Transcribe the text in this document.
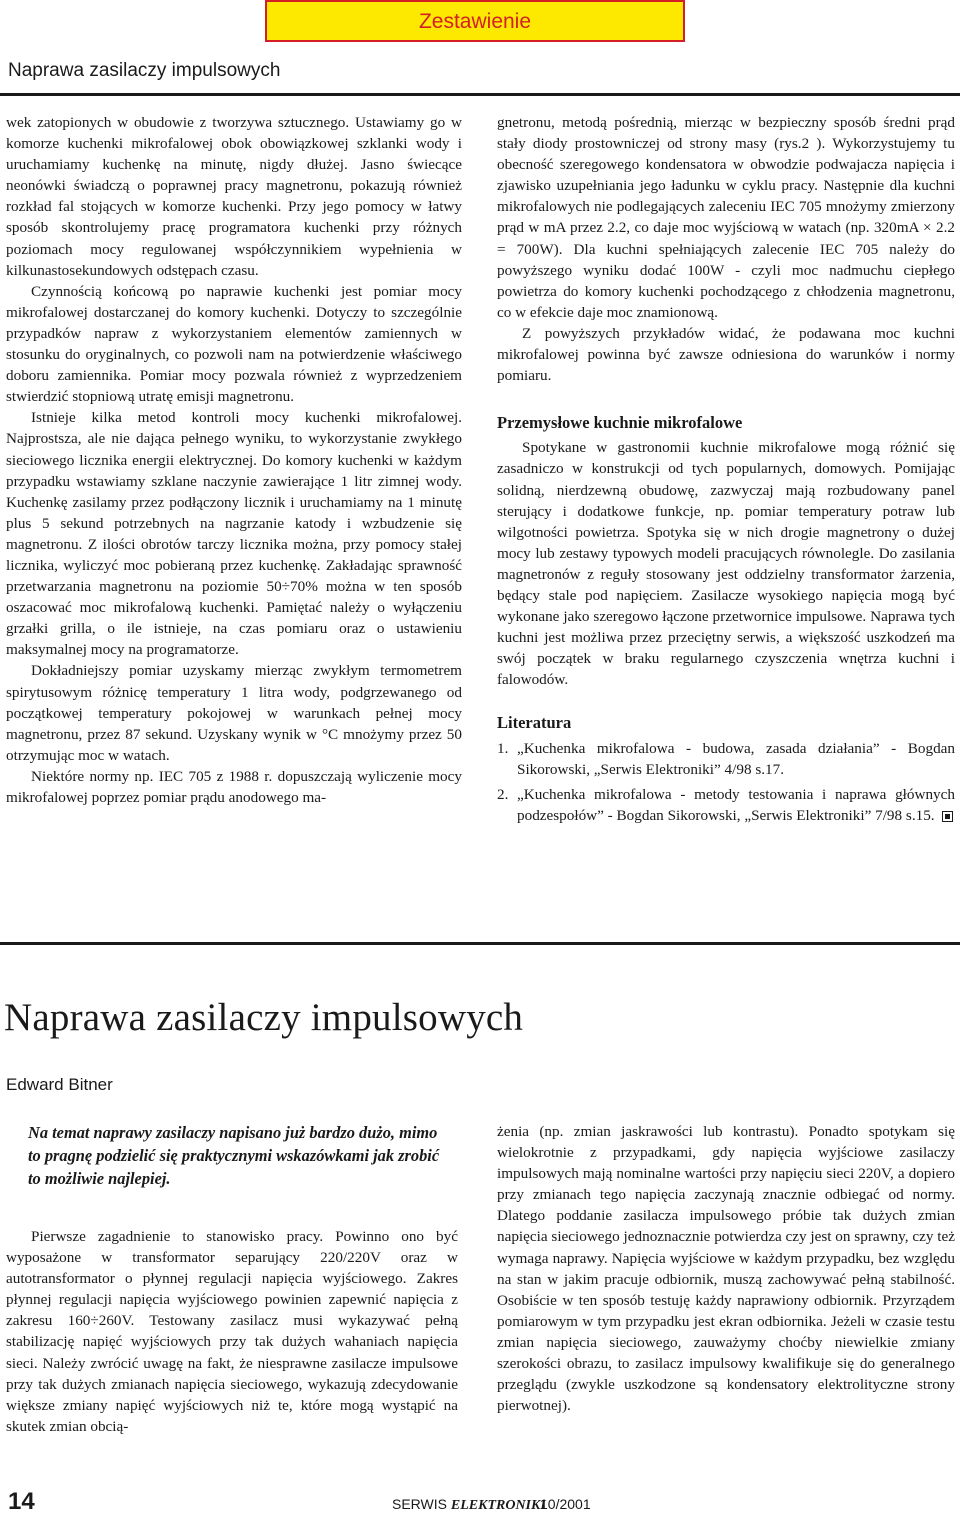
Zestawienie
Naprawa zasilaczy impulsowych

wek zatopionych w obudowie z tworzywa sztucznego. Ustawiamy go w komorze kuchenki mikrofalowej obok obowiązkowej szklanki wody i uruchamiamy kuchenkę na minutę, nigdy dłużej. Jasno świecące neonówki świadczą o poprawnej pracy magnetronu, pokazują również rozkład fal stojących w komorze kuchenki. Przy jego pomocy w łatwy sposób skontrolujemy pracę programatora kuchenki przy różnych poziomach mocy regulowanej współczynnikiem wypełnienia w kilkunastosekundowych odstępach czasu.

Czynnością końcową po naprawie kuchenki jest pomiar mocy mikrofalowej dostarczanej do komory kuchenki. Dotyczy to szczególnie przypadków napraw z wykorzystaniem elementów zamiennych w stosunku do oryginalnych, co pozwoli nam na potwierdzenie właściwego doboru zamiennika. Pomiar mocy pozwala również z wyprzedzeniem stwierdzić stopniową utratę emisji magnetronu.

Istnieje kilka metod kontroli mocy kuchenki mikrofalowej. Najprostsza, ale nie dająca pełnego wyniku, to wykorzystanie zwykłego sieciowego licznika energii elektrycznej. Do komory kuchenki w każdym przypadku wstawiamy szklane naczynie zawierające 1 litr zimnej wody. Kuchenkę zasilamy przez podłączony licznik i uruchamiamy na 1 minutę plus 5 sekund potrzebnych na nagrzanie katody i wzbudzenie się magnetronu. Z ilości obrotów tarczy licznika można, przy pomocy stałej licznika, wyliczyć moc pobieraną przez kuchenkę. Zakładając sprawność przetwarzania magnetronu na poziomie 50÷70% można w ten sposób oszacować moc mikrofalową kuchenki. Pamiętać należy o wyłączeniu grzałki grilla, o ile istnieje, na czas pomiaru oraz o ustawieniu maksymalnej mocy na programatorze.

Dokładniejszy pomiar uzyskamy mierząc zwykłym termometrem spirytusowym różnicę temperatury 1 litra wody, podgrzewanego od początkowej temperatury pokojowej w warunkach pełnej mocy magnetronu, przez 87 sekund. Uzyskany wynik w °C mnożymy przez 50 otrzymując moc w watach.

Niektóre normy np. IEC 705 z 1988 r. dopuszczają wyliczenie mocy mikrofalowej poprzez pomiar prądu anodowego ma-

gnetronu, metodą pośrednią, mierząc w bezpieczny sposób średni prąd stały diody prostowniczej od strony masy (rys.2 ). Wykorzystujemy tu obecność szeregowego kondensatora w obwodzie podwajacza napięcia i zjawisko uzupełniania jego ładunku w cyklu pracy. Następnie dla kuchni mikrofalowych nie podlegających zaleceniu IEC 705 mnożymy zmierzony prąd w mA przez 2.2, co daje moc wyjściową w watach (np. 320mA × 2.2 = 700W). Dla kuchni spełniających zalecenie IEC 705 należy do powyższego wyniku dodać 100W - czyli moc nadmuchu ciepłego powietrza do komory kuchenki pochodzącego z chłodzenia magnetronu, co w efekcie daje moc znamionową.

Z powyższych przykładów widać, że podawana moc kuchni mikrofalowej powinna być zawsze odniesiona do warunków i normy pomiaru.

Przemysłowe kuchnie mikrofalowe

Spotykane w gastronomii kuchnie mikrofalowe mogą różnić się zasadniczo w konstrukcji od tych popularnych, domowych. Pomijając solidną, nierdzewną obudowę, zazwyczaj mają rozbudowany panel sterujący i dodatkowe funkcje, np. pomiar temperatury potraw lub wilgotności powietrza. Spotyka się w nich drogie magnetrony o dużej mocy lub zestawy typowych modeli pracujących równolegle. Do zasilania magnetronów z reguły stosowany jest oddzielny transformator żarzenia, będący stale pod napięciem. Zasilacze wysokiego napięcia mogą być wykonane jako szeregowo łączone przetwornice impulsowe. Naprawa tych kuchni jest możliwa przez przeciętny serwis, a większość uszkodzeń ma swój początek w braku regularnego czyszczenia wnętrza kuchni i falowodów.

Literatura
1. „Kuchenka mikrofalowa - budowa, zasada działania” - Bogdan Sikorowski, „Serwis Elektroniki” 4/98 s.17.
2. „Kuchenka mikrofalowa - metody testowania i naprawa głównych podzespołów” - Bogdan Sikorowski, „Serwis Elektroniki” 7/98 s.15.
Naprawa zasilaczy impulsowych
Edward Bitner

Na temat naprawy zasilaczy napisano już bardzo dużo, mimo to pragnę podzielić się praktycznymi wskazówkami jak zrobić to możliwie najlepiej.

Pierwsze zagadnienie to stanowisko pracy. Powinno ono być wyposażone w transformator separujący 220/220V oraz w autotransformator o płynnej regulacji napięcia wyjściowego. Zakres płynnej regulacji napięcia wyjściowego powinien zapewnić napięcia z zakresu 160÷260V. Testowany zasilacz musi wykazywać pełną stabilizację napięć wyjściowych przy tak dużych wahaniach napięcia sieci. Należy zwrócić uwagę na fakt, że niesprawne zasilacze impulsowe przy tak dużych zmianach napięcia sieciowego, wykazują zdecydowanie większe zmiany napięć wyjściowych niż te, które mogą wystąpić na skutek zmian obcią-

żenia (np. zmian jaskrawości lub kontrastu). Ponadto spotykam się wielokrotnie z przypadkami, gdy napięcia wyjściowe zasilaczy impulsowych mają nominalne wartości przy napięciu sieci 220V, a dopiero przy zmianach tego napięcia zaczynają znacznie odbiegać od normy. Dlatego poddanie zasilacza impulsowego próbie tak dużych zmian napięcia sieciowego jednoznacznie potwierdza czy jest on sprawny, czy też wymaga naprawy. Napięcia wyjściowe w każdym przypadku, bez względu na stan w jakim pracuje odbiornik, muszą zachowywać pełną stabilność. Osobiście w ten sposób testuję każdy naprawiony odbiornik. Przyrządem pomiarowym w tym przypadku jest ekran odbiornika. Jeżeli w czasie testu zmian napięcia sieciowego, zauważymy choćby niewielkie zmiany szerokości obrazu, to zasilacz impulsowy kwalifikuje się do generalnego przeglądu (zwykle uszkodzone są kondensatory elektrolityczne strony pierwotnej).

14	SERWIS ELEKTRONIKI
10/2001
